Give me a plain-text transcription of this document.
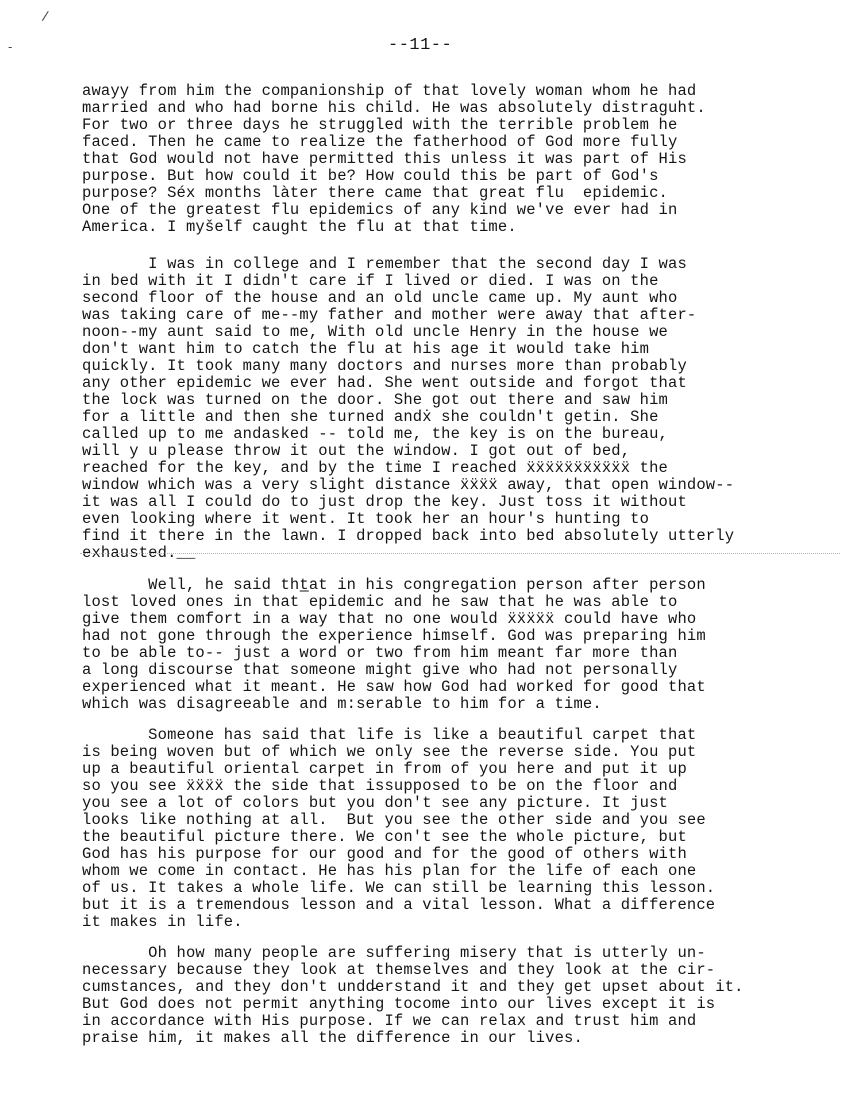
/
-	--11--
awayy from him the companionship of that lovely woman whom he had
married and who had borne his child. He was absolutely distraguht.
For two or three days he struggled with the terrible problem he
faced. Then he came to realize the fatherhood of God more fully
that God would not have permitted this unless it was part of His
purpose. But how could it be? How could this be part of God's
purpose? Séx months làter there came that great flu  epidemic.
One of the greatest flu epidemics of any kind we've ever had in
America. I myšelf caught the flu at that time.
I was in college and I remember that the second day I was
in bed with it I didn't care if I lived or died. I was on the
second floor of the house and an old uncle came up. My aunt who
was taking care of me--my father and mother were away that after-
noon--my aunt said to me, With old uncle Henry in the house we
don't want him to catch the flu at his age it would take him
quickly. It took many many doctors and nurses more than probably
any other epidemic we ever had. She went outside and forgot that
the lock was turned on the door. She got out there and saw him
for a little and then she turned andẋ she couldn't getin. She
called up to me andasked -- told me, the key is on the bureau,
will y u please throw it out the window. I got out of bed,
reached for the key, and by the time I reached ẍẍẍẍẍẍẍẍẍẍẍ the
window which was a very slight distance ẍẍẍẍ away, that open window--
it was all I could do to just drop the key. Just toss it without
even looking where it went. It took her an hour's hunting to
find it there in the lawn. I dropped back into bed absolutely utterly
exhausted.__
Well, he said tht̲at in his congregation person after person
lost loved ones in that epidemic and he saw that he was able to
give them comfort in a way that no one would ẍẍẍẍẍ could have who
had not gone through the experience himself. God was preparing him
to be able to-- just a word or two from him meant far more than
a long discourse that someone might give who had not personally
experienced what it meant. He saw how God had worked for good that
which was disagreeable and m:serable to him for a time.
Someone has said that life is like a beautiful carpet that
is being woven but of which we only see the reverse side. You put
up a beautiful oriental carpet in from of you here and put it up
so you see ẍẍẍẍ the side that issupposed to be on the floor and
you see a lot of colors but you don't see any picture. It just
looks like nothing at all.  But you see the other side and you see
the beautiful picture there. We con't see the whole picture, but
God has his purpose for our good and for the good of others with
whom we come in contact. He has his plan for the life of each one
of us. It takes a whole life. We can still be learning this lesson.
but it is a tremendous lesson and a vital lesson. What a difference
it makes in life.
Oh how many people are suffering misery that is utterly un-
necessary because they look at themselves and they look at the cir-
cumstances, and they don't undd̵erstand it and they get upset about it.
But God does not permit anything tocome into our lives except it is
in accordance with His purpose. If we can relax and trust him and
praise him, it makes all the difference in our lives.
